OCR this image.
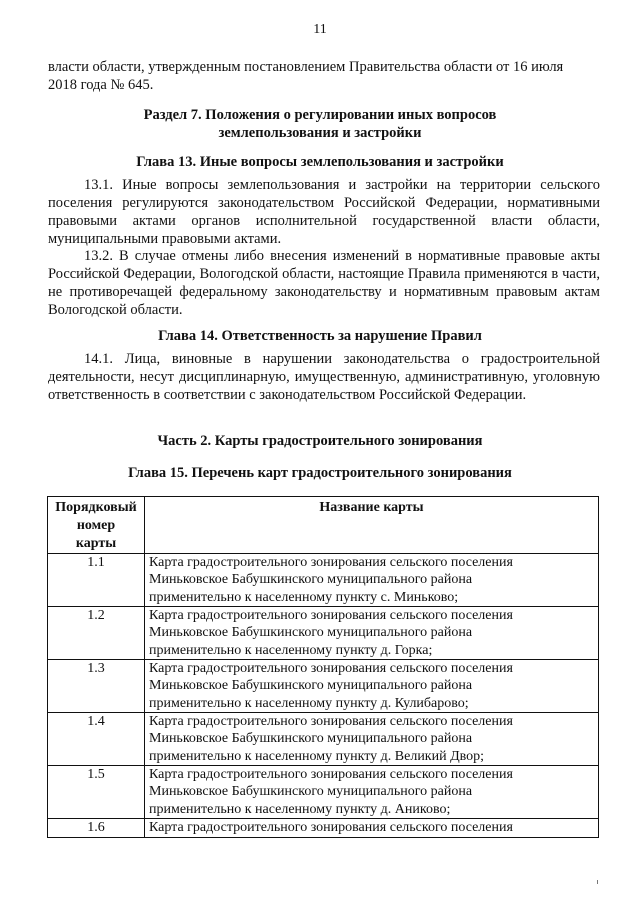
11
власти области, утвержденным постановлением Правительства области от 16 июля
2018 года № 645.
Раздел 7. Положения о регулировании иных вопросов
землепользования и застройки
Глава 13. Иные вопросы землепользования и застройки
13.1. Иные вопросы землепользования и застройки на территории сельского поселения регулируются законодательством Российской Федерации, нормативными правовыми актами органов исполнительной государственной власти области, муниципальными правовыми актами.
13.2. В случае отмены либо внесения изменений в нормативные правовые акты Российской Федерации, Вологодской области, настоящие Правила применяются в части, не противоречащей федеральному законодательству и нормативным правовым актам Вологодской области.
Глава 14. Ответственность за нарушение Правил
14.1. Лица, виновные в нарушении законодательства о градостроительной деятельности, несут дисциплинарную, имущественную, административную, уголовную ответственность в соответствии с законодательством Российской Федерации.
Часть 2. Карты градостроительного зонирования
Глава 15. Перечень карт градостроительного зонирования
Порядковый
номер
карты	Название карты
1.1	Карта градостроительного зонирования сельского поселения
Миньковское Бабушкинского муниципального района
применительно к населенному пункту с. Миньково;

1.2	Карта градостроительного зонирования сельского поселения
Миньковское Бабушкинского муниципального района
применительно к населенному пункту д. Горка;

1.3	Карта градостроительного зонирования сельского поселения
Миньковское Бабушкинского муниципального района
применительно к населенному пункту д. Кулибарово;

1.4	Карта градостроительного зонирования сельского поселения
Миньковское Бабушкинского муниципального района
применительно к населенному пункту д. Великий Двор;

1.5	Карта градостроительного зонирования сельского поселения
Миньковское Бабушкинского муниципального района
применительно к населенному пункту д. Аниково;

1.6	Карта градостроительного зонирования сельского поселения
